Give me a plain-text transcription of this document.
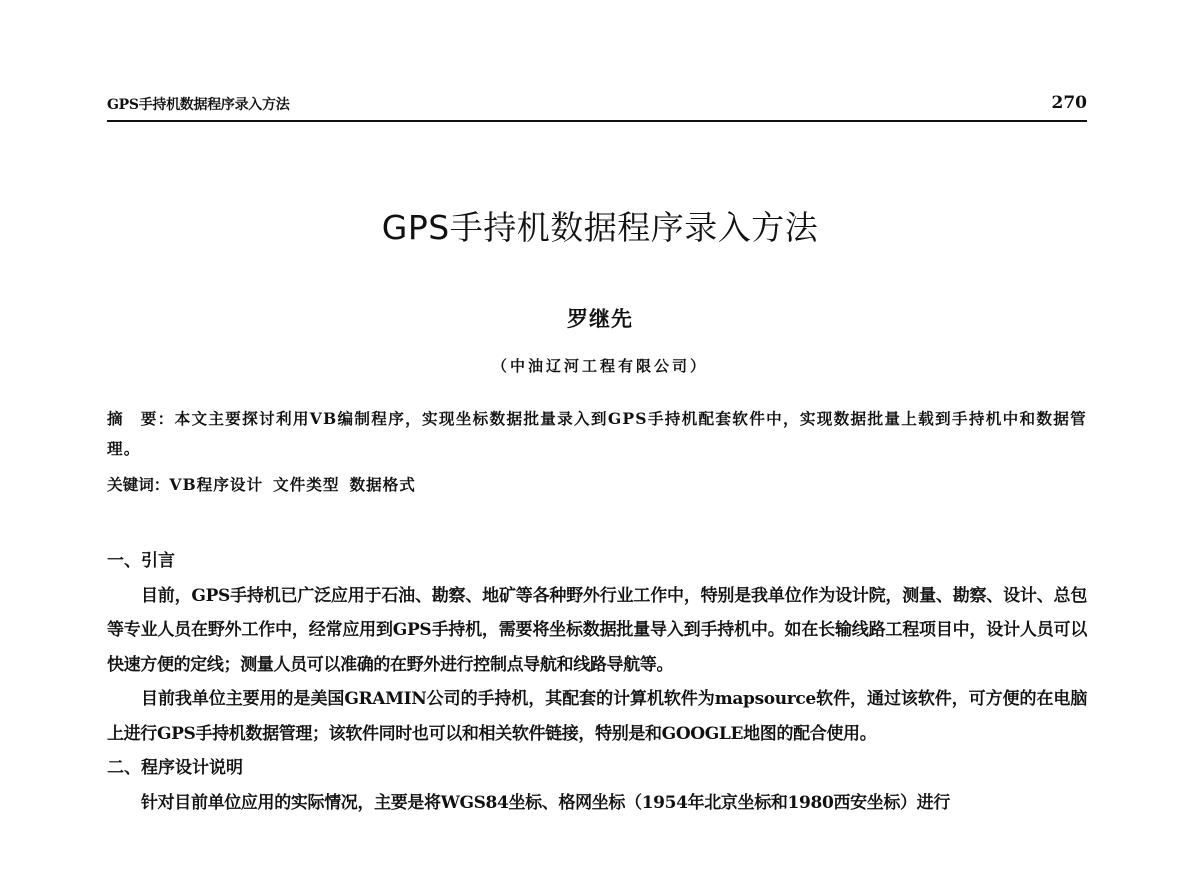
GPS手持机数据程序录入方法	270
GPS手持机数据程序录入方法
罗继先
（中油辽河工程有限公司）
摘　要：本文主要探讨利用VB编制程序，实现坐标数据批量录入到GPS手持机配套软件中，实现数据批量上载到手持机中和数据管理。
关键词：VB程序设计 文件类型 数据格式
一、引言

目前，GPS手持机已广泛应用于石油、勘察、地矿等各种野外行业工作中，特别是我单位作为设计院，测量、勘察、设计、总包等专业人员在野外工作中，经常应用到GPS手持机，需要将坐标数据批量导入到手持机中。如在长输线路工程项目中，设计人员可以快速方便的定线；测量人员可以准确的在野外进行控制点导航和线路导航等。

目前我单位主要用的是美国GRAMIN公司的手持机，其配套的计算机软件为mapsource软件，通过该软件，可方便的在电脑上进行GPS手持机数据管理；该软件同时也可以和相关软件链接，特别是和GOOGLE地图的配合使用。

二、程序设计说明

针对目前单位应用的实际情况，主要是将WGS84坐标、格网坐标（1954年北京坐标和1980西安坐标）进行
